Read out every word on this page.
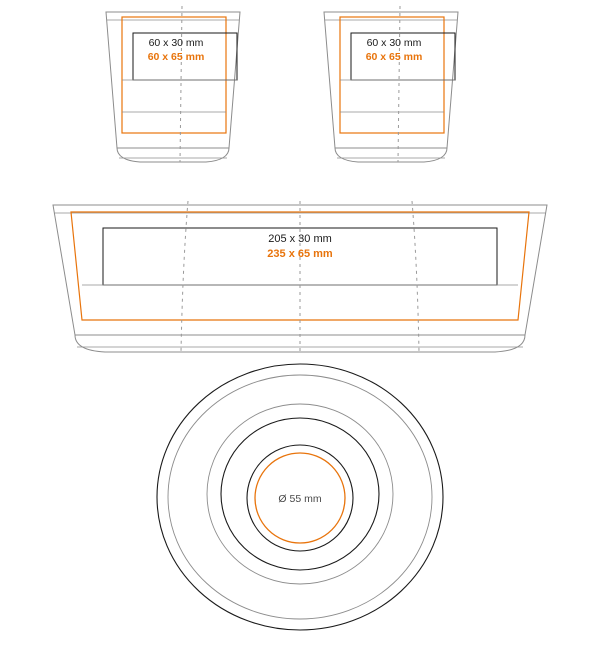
60 x 30 mm
60 x 65 mm
60 x 30 mm
60 x 65 mm
205 x 30 mm
235 x 65 mm
Ø 55 mm
